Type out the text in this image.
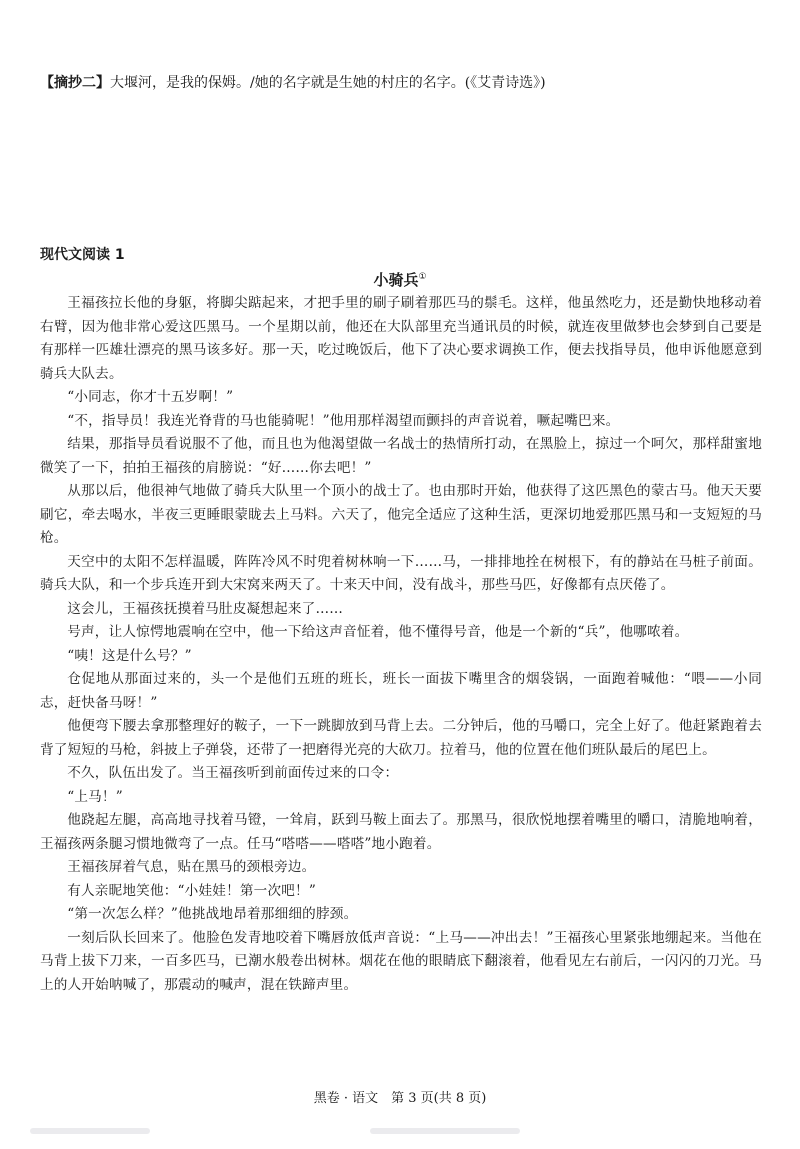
【摘抄二】大堰河，是我的保姆。/她的名字就是生她的村庄的名字。(《艾青诗选》)
现代文阅读 1
小骑兵①

王福孩拉长他的身躯，将脚尖踮起来，才把手里的刷子刷着那匹马的鬃毛。这样，他虽然吃力，还是勤快地移动着右臂，因为他非常心爱这匹黑马。一个星期以前，他还在大队部里充当通讯员的时候，就连夜里做梦也会梦到自己要是有那样一匹雄壮漂亮的黑马该多好。那一天，吃过晚饭后，他下了决心要求调换工作，便去找指导员，他申诉他愿意到骑兵大队去。

“小同志，你才十五岁啊！”

“不，指导员！我连光脊背的马也能骑呢！”他用那样渴望而颤抖的声音说着，噘起嘴巴来。

结果，那指导员看说服不了他，而且也为他渴望做一名战士的热情所打动，在黑脸上，掠过一个呵欠，那样甜蜜地微笑了一下，拍拍王福孩的肩膀说：“好……你去吧！”

从那以后，他很神气地做了骑兵大队里一个顶小的战士了。也由那时开始，他获得了这匹黑色的蒙古马。他天天要刷它，牵去喝水，半夜三更睡眼蒙眬去上马料。六天了，他完全适应了这种生活，更深切地爱那匹黑马和一支短短的马枪。

天空中的太阳不怎样温暖，阵阵冷风不时兜着树林响一下……马，一排排地拴在树根下，有的静站在马桩子前面。骑兵大队，和一个步兵连开到大宋窝来两天了。十来天中间，没有战斗，那些马匹，好像都有点厌倦了。

这会儿，王福孩抚摸着马肚皮凝想起来了……

号声，让人惊愕地震响在空中，他一下给这声音怔着，他不懂得号音，他是一个新的“兵”，他哪哝着。

“咦！这是什么号？”

仓促地从那面过来的，头一个是他们五班的班长，班长一面拔下嘴里含的烟袋锅，一面跑着喊他：“喂——小同志，赶快备马呀！”

他便弯下腰去拿那整理好的鞍子，一下一跳脚放到马背上去。二分钟后，他的马嚼口，完全上好了。他赶紧跑着去背了短短的马枪，斜披上子弹袋，还带了一把磨得光亮的大砍刀。拉着马，他的位置在他们班队最后的尾巴上。

不久，队伍出发了。当王福孩听到前面传过来的口令：

“上马！”

他跷起左腿，高高地寻找着马镫，一耸肩，跃到马鞍上面去了。那黑马，很欣悦地摆着嘴里的嚼口，清脆地响着，王福孩两条腿习惯地微弯了一点。任马“嗒嗒——嗒嗒”地小跑着。

王福孩屏着气息，贴在黑马的颈根旁边。

有人亲昵地笑他：“小娃娃！第一次吧！”

“第一次怎么样？”他挑战地昂着那细细的脖颈。

一刻后队长回来了。他脸色发青地咬着下嘴唇放低声音说：“上马——冲出去！”王福孩心里紧张地绷起来。当他在马背上拔下刀来，一百多匹马，已潮水般卷出树林。烟花在他的眼睛底下翻滚着，他看见左右前后，一闪闪的刀光。马上的人开始呐喊了，那震动的喊声，混在铁蹄声里。

黑卷 · 语文　第 3 页(共 8 页)
